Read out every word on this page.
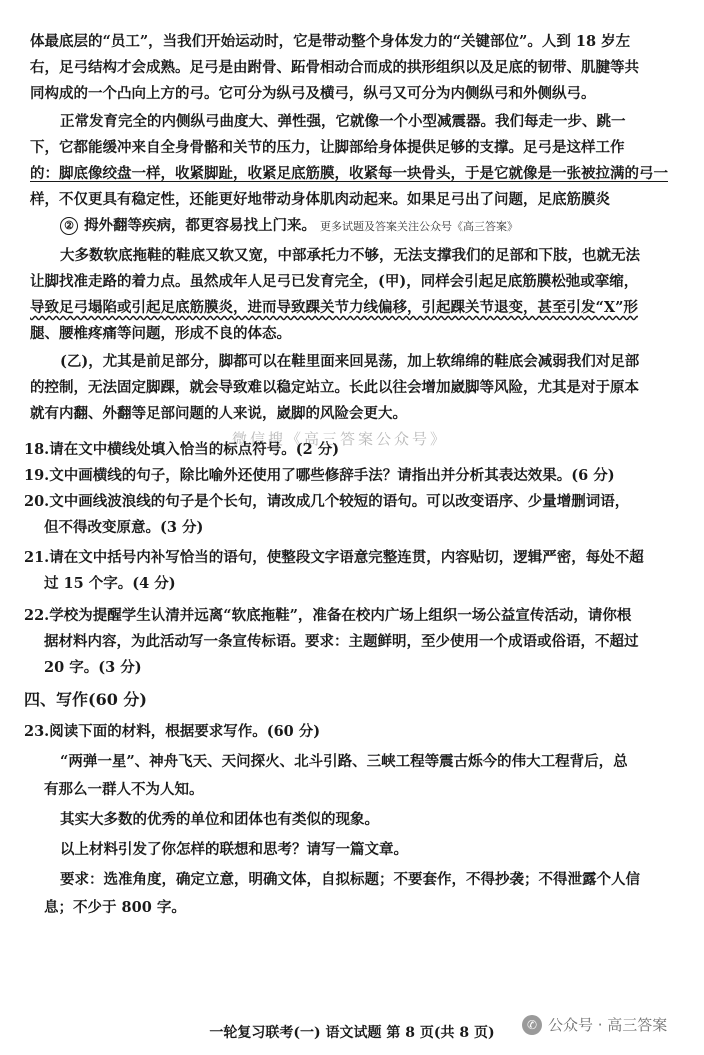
体最底层的“员工”，当我们开始运动时，它是带动整个身体发力的“关键部位”。人到 18 岁左
右，足弓结构才会成熟。足弓是由跗骨、跖骨相动合而成的拱形组织以及足底的韧带、肌腱等共
同构成的一个凸向上方的弓。它可分为纵弓及横弓，纵弓又可分为内侧纵弓和外侧纵弓。
正常发育完全的内侧纵弓曲度大、弹性强，它就像一个小型减震器。我们每走一步、跳一
下，它都能缓冲来自全身骨骼和关节的压力，让脚部给身体提供足够的支撑。足弓是这样工作
的：脚底像绞盘一样，收紧脚趾，收紧足底筋膜，收紧每一块骨头，于是它就像是一张被拉满的弓一
样，不仅更具有稳定性，还能更好地带动身体肌肉动起来。如果足弓出了问题，足底筋膜炎
② 拇外翻等疾病，都更容易找上门来。 更多试题及答案关注公众号《高三答案》
大多数软底拖鞋的鞋底又软又宽，中部承托力不够，无法支撑我们的足部和下肢，也就无法
让脚找准走路的着力点。虽然成年人足弓已发育完全，(甲)，同样会引起足底筋膜松弛或挛缩，
导致足弓塌陷或引起足底筋膜炎，进而导致踝关节力线偏移，引起踝关节退变，甚至引发“X”形
腿、腰椎疼痛等问题，形成不良的体态。
(乙)，尤其是前足部分，脚都可以在鞋里面来回晃荡，加上软绵绵的鞋底会减弱我们对足部
的控制，无法固定脚踝，就会导致难以稳定站立。长此以往会增加崴脚等风险，尤其是对于原本
就有内翻、外翻等足部问题的人来说，崴脚的风险会更大。
微信搜《高三答案公众号》
18.请在文中横线处填入恰当的标点符号。(2 分)
19.文中画横线的句子，除比喻外还使用了哪些修辞手法？请指出并分析其表达效果。(6 分)
20.文中画线波浪线的句子是个长句，请改成几个较短的语句。可以改变语序、少量增删词语，
但不得改变原意。(3 分)
21.请在文中括号内补写恰当的语句，使整段文字语意完整连贯，内容贴切，逻辑严密，每处不超
过 15 个字。(4 分)
22.学校为提醒学生认清并远离“软底拖鞋”，准备在校内广场上组织一场公益宣传活动，请你根
据材料内容，为此活动写一条宣传标语。要求：主题鲜明，至少使用一个成语或俗语，不超过
20 字。(3 分)
四、写作(60 分)
23.阅读下面的材料，根据要求写作。(60 分)
“两弹一星”、神舟飞天、天问探火、北斗引路、三峡工程等震古烁今的伟大工程背后，总
有那么一群人不为人知。
其实大多数的优秀的单位和团体也有类似的现象。
以上材料引发了你怎样的联想和思考？请写一篇文章。
要求：选准角度，确定立意，明确文体，自拟标题；不要套作，不得抄袭；不得泄露个人信
息；不少于 800 字。
一轮复习联考(一) 语文试题 第 8 页(共 8 页)
✆ 公众号 · 高三答案
